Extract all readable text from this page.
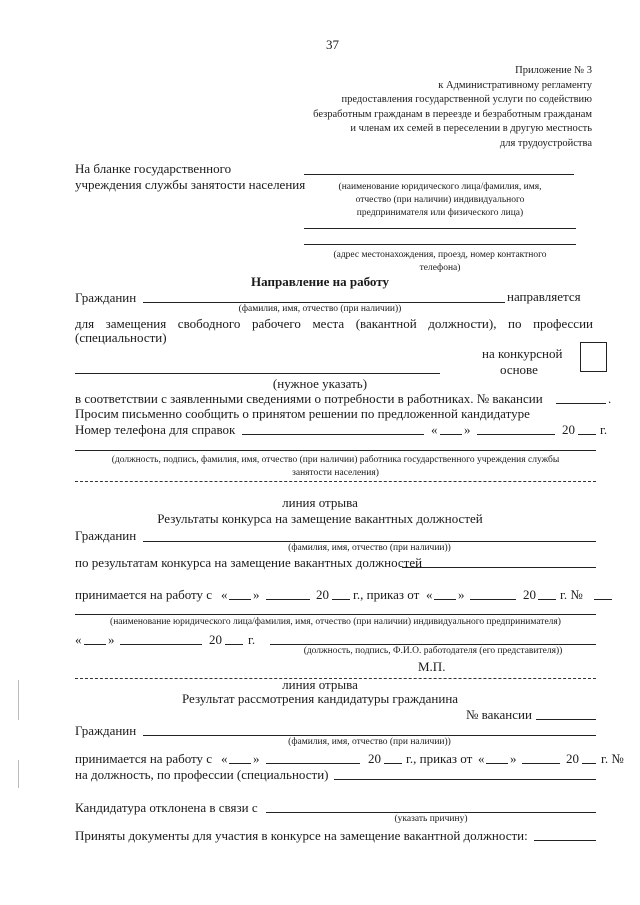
37
Приложение № 3
к Административному регламенту
предоставления государственной услуги по содействию
безработным гражданам в переезде и безработным гражданам
и членам их семей в переселении в другую местность
для трудоустройства
На бланке государственного
учреждения службы занятости населения	(наименование юридического лица/фамилия, имя,
отчество (при наличии) индивидуального
предпринимателя или физического лица)
(адрес местонахождения, проезд, номер контактного
телефона)
Направление на работу
Гражданин	направляется
(фамилия, имя, отчество (при наличии))
для замещения свободного рабочего места (вакантной должности), по профессии
(специальности)
на конкурсной
основе
(нужное указать)
в соответствии с заявленными сведениями о потребности в работниках. № вакансии	.
Просим письменно сообщить о принятом решении по предложенной кандидатуре
Номер телефона для справок	« »	20 г.
(должность, подпись, фамилия, имя, отчество (при наличии) работника государственного учреждения службы
занятости населения)
линия отрыва
Результаты конкурса на замещение вакантных должностей
Гражданин
(фамилия, имя, отчество (при наличии))
по результатам конкурса на замещение вакантных должностей
принимается на работу с « »	20 г., приказ от « »	20 г. №
(наименование юридического лица/фамилия, имя, отчество (при наличии) индивидуального предпринимателя)
« »	20 г.
(должность, подпись, Ф.И.О. работодателя (его представителя))
М.П.
линия отрыва
Результат рассмотрения кандидатуры гражданина
№ вакансии
Гражданин
(фамилия, имя, отчество (при наличии))
принимается на работу с « »	20 г., приказ от « »	20 г. №
на должность, по профессии (специальности)
Кандидатура отклонена в связи с
(указать причину)
Приняты документы для участия в конкурсе на замещение вакантной должности:
